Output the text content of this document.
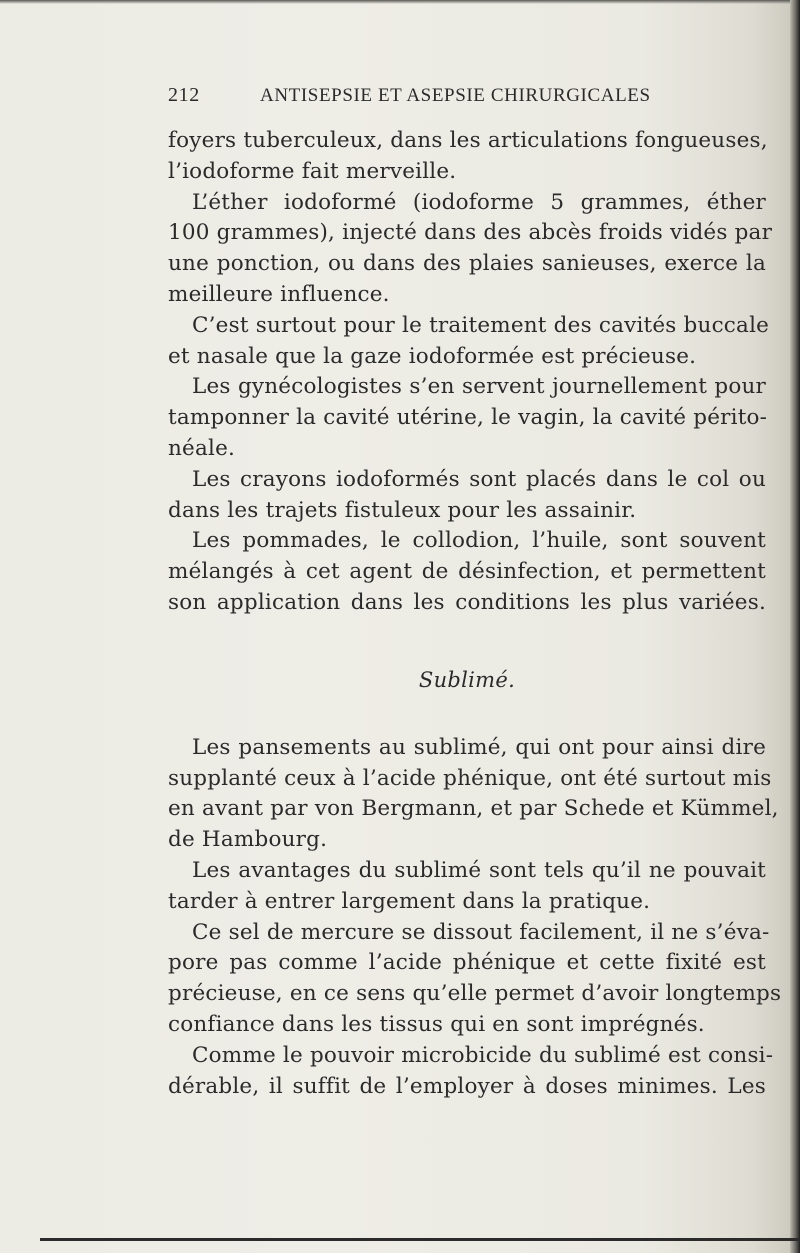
212	ANTISEPSIE ET ASEPSIE CHIRURGICALES
foyers tuberculeux, dans les articulations fongueuses,
l’iodoforme fait merveille.
L’éther iodoformé (iodoforme 5 grammes, éther
100 grammes), injecté dans des abcès froids vidés par
une ponction, ou dans des plaies sanieuses, exerce la
meilleure influence.
C’est surtout pour le traitement des cavités buccale
et nasale que la gaze iodoformée est précieuse.
Les gynécologistes s’en servent journellement pour
tamponner la cavité utérine, le vagin, la cavité périto-
néale.
Les crayons iodoformés sont placés dans le col ou
dans les trajets fistuleux pour les assainir.
Les pommades, le collodion, l’huile, sont souvent
mélangés à cet agent de désinfection, et permettent
son application dans les conditions les plus variées.
Sublimé.
Les pansements au sublimé, qui ont pour ainsi dire
supplanté ceux à l’acide phénique, ont été surtout mis
en avant par von Bergmann, et par Schede et Kümmel,
de Hambourg.
Les avantages du sublimé sont tels qu’il ne pouvait
tarder à entrer largement dans la pratique.
Ce sel de mercure se dissout facilement, il ne s’éva-
pore pas comme l’acide phénique et cette fixité est
précieuse, en ce sens qu’elle permet d’avoir longtemps
confiance dans les tissus qui en sont imprégnés.
Comme le pouvoir microbicide du sublimé est consi-
dérable, il suffit de l’employer à doses minimes. Les
